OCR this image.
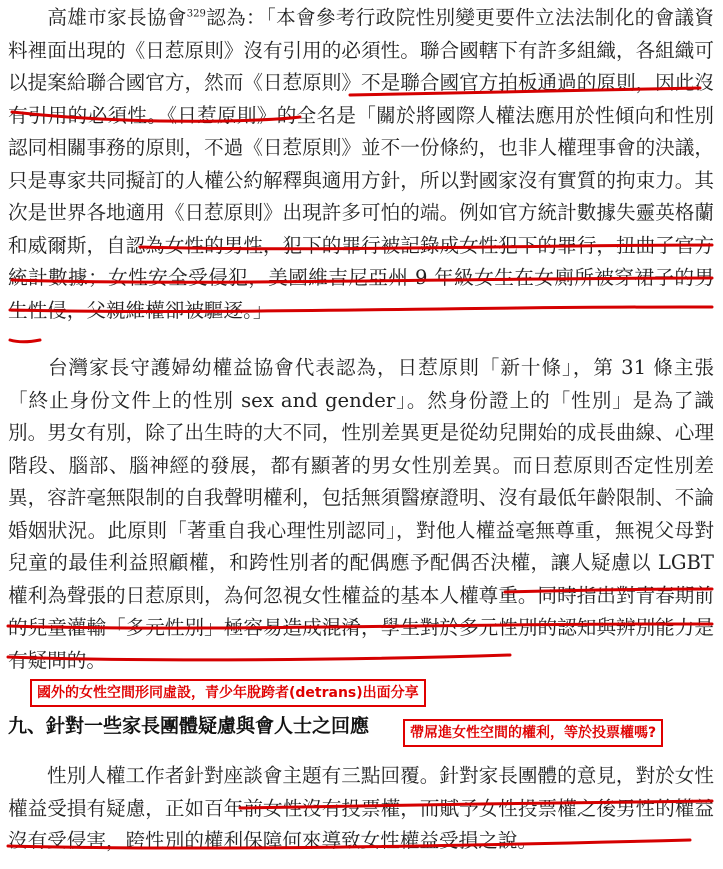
高雄市家長協會$^{329}$認為：「本會參考行政院性別變更要件立法法制化的會議資料裡面出現的《日惹原則》沒有引用的必須性。聯合國轄下有許多組織，各組織可以提案給聯合國官方，然而《日惹原則》不是聯合國官方拍板通過的原則，因此沒有引用的必須性。《日惹原則》的全名是「關於將國際人權法應用於性傾向和性別認同相關事務的原則，不過《日惹原則》並不一份條約，也非人權理事會的決議，只是專家共同擬訂的人權公約解釋與適用方針，所以對國家沒有實質的拘束力。其次是世界各地適用《日惹原則》出現許多可怕的端。例如官方統計數據失靈英格蘭和威爾斯，自認為女性的男性，犯下的罪行被記錄成女性犯下的罪行，扭曲了官方統計數據；女性安全受侵犯，美國維吉尼亞州 9 年級女生在女廁所被穿裙子的男生性侵，父親維權卻被驅逐。」

台灣家長守護婦幼權益協會代表認為，日惹原則「新十條」，第 31 條主張「終止身份文件上的性別 sex and gender」。然身份證上的「性別」是為了識別。男女有別，除了出生時的大不同，性別差異更是從幼兒開始的成長曲線、心理階段、腦部、腦神經的發展，都有顯著的男女性別差異。而日惹原則否定性別差異，容許毫無限制的自我聲明權利，包括無須醫療證明、沒有最低年齡限制、不論婚姻狀況。此原則「著重自我心理性別認同」，對他人權益毫無尊重，無視父母對兒童的最佳利益照顧權，和跨性別者的配偶應予配偶否決權，讓人疑慮以 LGBT 權利為聲張的日惹原則，為何忽視女性權益的基本人權尊重。同時指出對青春期前的兒童灌輸「多元性別」極容易造成混淆，學生對於多元性別的認知與辨別能力是有疑問的。

國外的女性空間形同虛設，青少年脫跨者(detrans)出面分享
九、針對一些家長團體疑慮與會人士之回應	帶屌進女性空間的權利，等於投票權嗎?

性別人權工作者針對座談會主題有三點回覆。針對家長團體的意見，對於女性權益受損有疑慮，正如百年前女性沒有投票權，而賦予女性投票權之後男性的權益沒有受侵害，跨性別的權利保障何來導致女性權益受損之說。
